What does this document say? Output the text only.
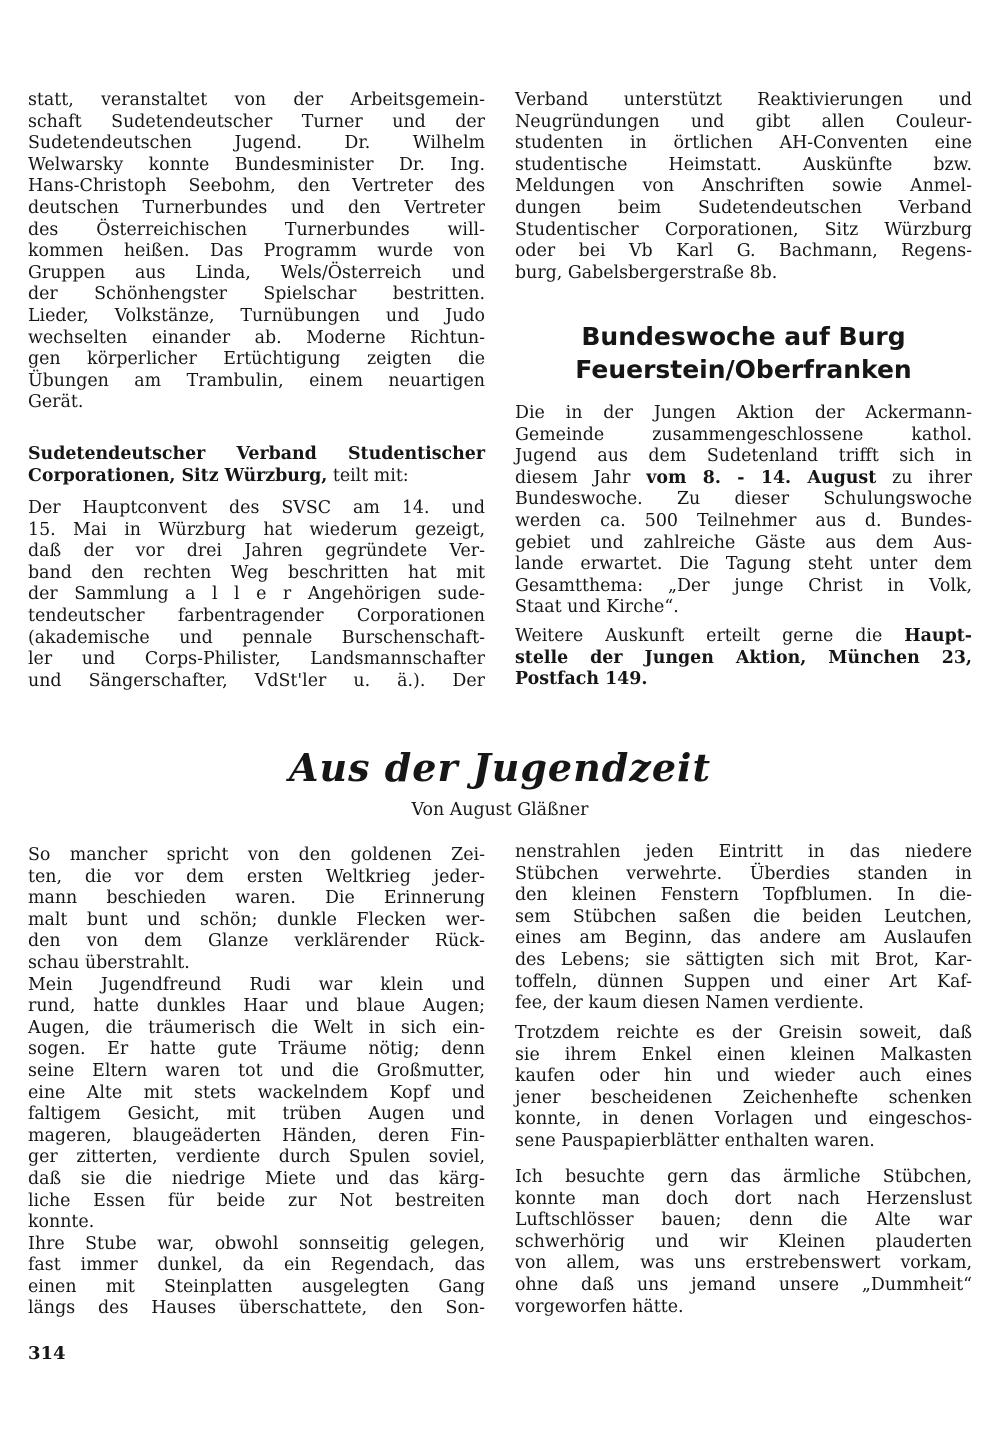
Bundeswoche auf Burg
Feuerstein/Oberfranken
Aus der Jugendzeit
Von August Gläßner
314
statt, veranstaltet von der Arbeitsgemein-
schaft Sudetendeutscher Turner und der
Sudetendeutschen Jugend. Dr. Wilhelm
Welwarsky konnte Bundesminister Dr. Ing.
Hans-Christoph Seebohm, den Vertreter des
deutschen Turnerbundes und den Vertreter
des Österreichischen Turnerbundes will-
kommen heißen. Das Programm wurde von
Gruppen aus Linda, Wels/Österreich und
der Schönhengster Spielschar bestritten.
Lieder, Volkstänze, Turnübungen und Judo
wechselten einander ab. Moderne Richtun-
gen körperlicher Ertüchtigung zeigten die
Übungen am Trambulin, einem neuartigen
Gerät.
Sudetendeutscher Verband Studentischer
Corporationen, Sitz Würzburg, teilt mit:
Der Hauptconvent des SVSC am 14. und
15. Mai in Würzburg hat wiederum gezeigt,
daß der vor drei Jahren gegründete Ver-
band den rechten Weg beschritten hat mit
der Sammlung a l l e r Angehörigen sude-
tendeutscher farbentragender Corporationen
(akademische und pennale Burschenschaft-
ler und Corps-Philister, Landsmannschafter
und Sängerschafter, VdSt'ler u. ä.). Der
Verband unterstützt Reaktivierungen und
Neugründungen und gibt allen Couleur-
studenten in örtlichen AH-Conventen eine
studentische Heimstatt. Auskünfte bzw.
Meldungen von Anschriften sowie Anmel-
dungen beim Sudetendeutschen Verband
Studentischer Corporationen, Sitz Würzburg
oder bei Vb Karl G. Bachmann, Regens-
burg, Gabelsbergerstraße 8b.
Die in der Jungen Aktion der Ackermann-
Gemeinde zusammengeschlossene kathol.
Jugend aus dem Sudetenland trifft sich in
diesem Jahr vom 8. - 14. August zu ihrer
Bundeswoche. Zu dieser Schulungswoche
werden ca. 500 Teilnehmer aus d. Bundes-
gebiet und zahlreiche Gäste aus dem Aus-
lande erwartet. Die Tagung steht unter dem
Gesamtthema: „Der junge Christ in Volk,
Staat und Kirche“.
Weitere Auskunft erteilt gerne die Haupt-
stelle der Jungen Aktion, München 23,
Postfach 149.
So mancher spricht von den goldenen Zei-
ten, die vor dem ersten Weltkrieg jeder-
mann beschieden waren. Die Erinnerung
malt bunt und schön; dunkle Flecken wer-
den von dem Glanze verklärender Rück-
schau überstrahlt.
Mein Jugendfreund Rudi war klein und
rund, hatte dunkles Haar und blaue Augen;
Augen, die träumerisch die Welt in sich ein-
sogen. Er hatte gute Träume nötig; denn
seine Eltern waren tot und die Großmutter,
eine Alte mit stets wackelndem Kopf und
faltigem Gesicht, mit trüben Augen und
mageren, blaugeäderten Händen, deren Fin-
ger zitterten, verdiente durch Spulen soviel,
daß sie die niedrige Miete und das kärg-
liche Essen für beide zur Not bestreiten
konnte.
Ihre Stube war, obwohl sonnseitig gelegen,
fast immer dunkel, da ein Regendach, das
einen mit Steinplatten ausgelegten Gang
längs des Hauses überschattete, den Son-
nenstrahlen jeden Eintritt in das niedere
Stübchen verwehrte. Überdies standen in
den kleinen Fenstern Topfblumen. In die-
sem Stübchen saßen die beiden Leutchen,
eines am Beginn, das andere am Auslaufen
des Lebens; sie sättigten sich mit Brot, Kar-
toffeln, dünnen Suppen und einer Art Kaf-
fee, der kaum diesen Namen verdiente.
Trotzdem reichte es der Greisin soweit, daß
sie ihrem Enkel einen kleinen Malkasten
kaufen oder hin und wieder auch eines
jener bescheidenen Zeichenhefte schenken
konnte, in denen Vorlagen und eingeschos-
sene Pauspapierblätter enthalten waren.
Ich besuchte gern das ärmliche Stübchen,
konnte man doch dort nach Herzenslust
Luftschlösser bauen; denn die Alte war
schwerhörig und wir Kleinen plauderten
von allem, was uns erstrebenswert vorkam,
ohne daß uns jemand unsere „Dummheit“
vorgeworfen hätte.
